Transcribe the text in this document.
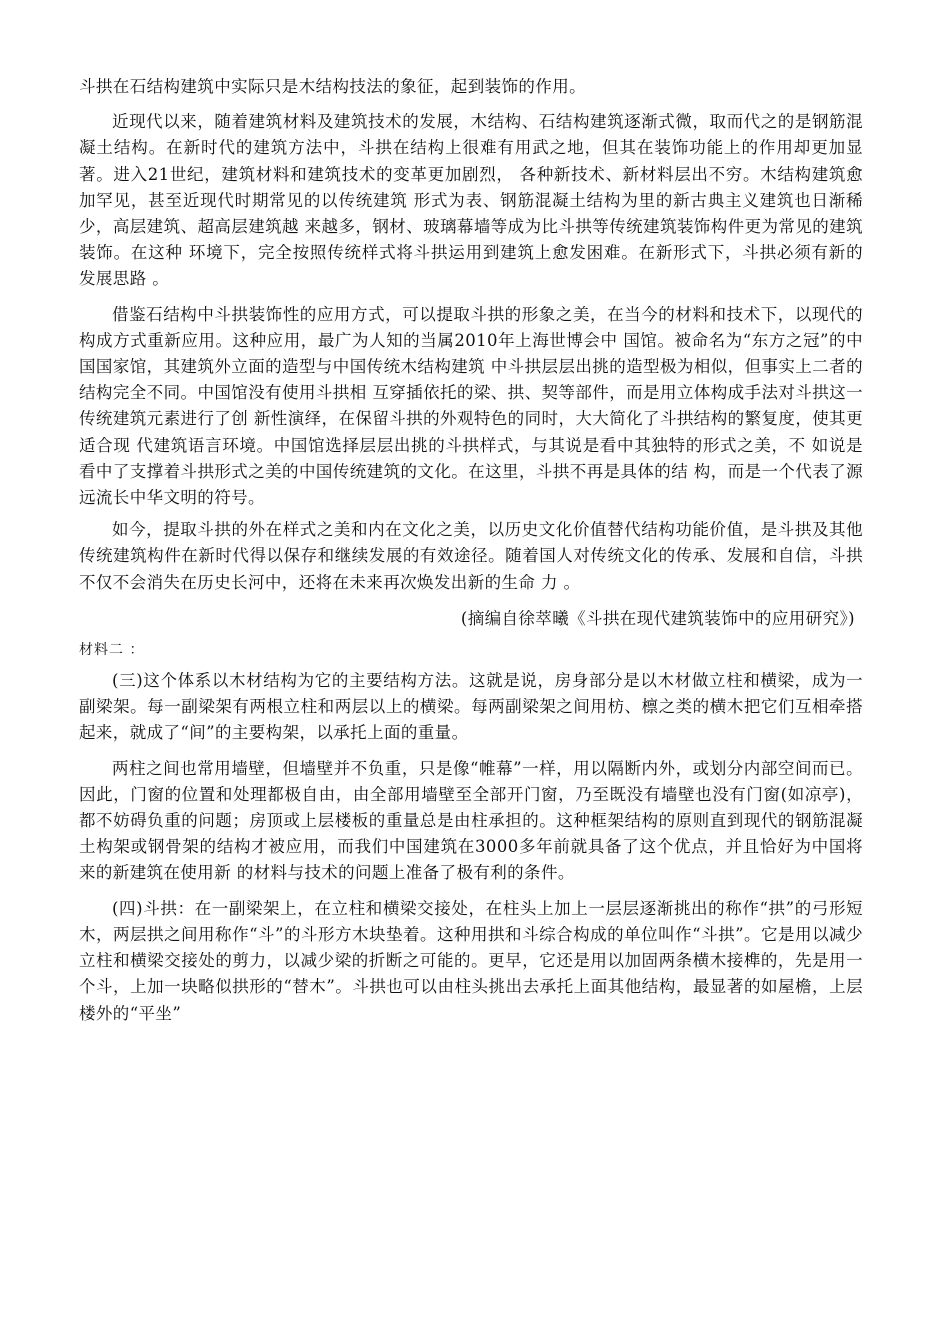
斗拱在石结构建筑中实际只是木结构技法的象征，起到装饰的作用。

近现代以来，随着建筑材料及建筑技术的发展，木结构、石结构建筑逐渐式微，取而代之的是钢筋混凝土结构。在新时代的建筑方法中，斗拱在结构上很难有用武之地，但其在装饰功能上的作用却更加显著。进入21世纪，建筑材料和建筑技术的变革更加剧烈， 各种新技术、新材料层出不穷。木结构建筑愈加罕见，甚至近现代时期常见的以传统建筑 形式为表、钢筋混凝土结构为里的新古典主义建筑也日渐稀少，高层建筑、超高层建筑越 来越多，钢材、玻璃幕墙等成为比斗拱等传统建筑装饰构件更为常见的建筑装饰。在这种 环境下，完全按照传统样式将斗拱运用到建筑上愈发困难。在新形式下，斗拱必须有新的 发展思路 。

借鉴石结构中斗拱装饰性的应用方式，可以提取斗拱的形象之美，在当今的材料和技术下，以现代的构成方式重新应用。这种应用，最广为人知的当属2010年上海世博会中 国馆。被命名为“东方之冠”的中国国家馆，其建筑外立面的造型与中国传统木结构建筑 中斗拱层层出挑的造型极为相似，但事实上二者的结构完全不同。中国馆没有使用斗拱相 互穿插依托的梁、拱、契等部件，而是用立体构成手法对斗拱这一传统建筑元素进行了创 新性演绎，在保留斗拱的外观特色的同时，大大简化了斗拱结构的繁复度，使其更适合现 代建筑语言环境。中国馆选择层层出挑的斗拱样式，与其说是看中其独特的形式之美，不 如说是看中了支撑着斗拱形式之美的中国传统建筑的文化。在这里，斗拱不再是具体的结 构，而是一个代表了源远流长中华文明的符号。

如今，提取斗拱的外在样式之美和内在文化之美，以历史文化价值替代结构功能价值，是斗拱及其他传统建筑构件在新时代得以保存和继续发展的有效途径。随着国人对传统文化的传承、发展和自信，斗拱不仅不会消失在历史长河中，还将在未来再次焕发出新的生命 力 。

(摘编自徐萃曦《斗拱在现代建筑装饰中的应用研究》)

材料二 ：

(三)这个体系以木材结构为它的主要结构方法。这就是说，房身部分是以木材做立柱和横梁，成为一副梁架。每一副梁架有两根立柱和两层以上的横梁。每两副梁架之间用枋、檩之类的横木把它们互相牵搭起来，就成了“间”的主要构架，以承托上面的重量。

两柱之间也常用墙壁，但墙壁并不负重，只是像“帷幕”一样，用以隔断内外，或划分内部空间而已。因此，门窗的位置和处理都极自由，由全部用墙壁至全部开门窗，乃至既没有墙壁也没有门窗(如凉亭)，都不妨碍负重的问题；房顶或上层楼板的重量总是由柱承担的。这种框架结构的原则直到现代的钢筋混凝土构架或钢骨架的结构才被应用，而我们中国建筑在3000多年前就具备了这个优点，并且恰好为中国将来的新建筑在使用新 的材料与技术的问题上准备了极有利的条件。

(四)斗拱：在一副梁架上，在立柱和横梁交接处，在柱头上加上一层层逐渐挑出的称作“拱”的弓形短木，两层拱之间用称作“斗”的斗形方木块垫着。这种用拱和斗综合构成的单位叫作“斗拱”。它是用以减少立柱和横梁交接处的剪力，以减少梁的折断之可能的。更早，它还是用以加固两条横木接榫的，先是用一个斗，上加一块略似拱形的“替木”。斗拱也可以由柱头挑出去承托上面其他结构，最显著的如屋檐，上层楼外的“平坐”
